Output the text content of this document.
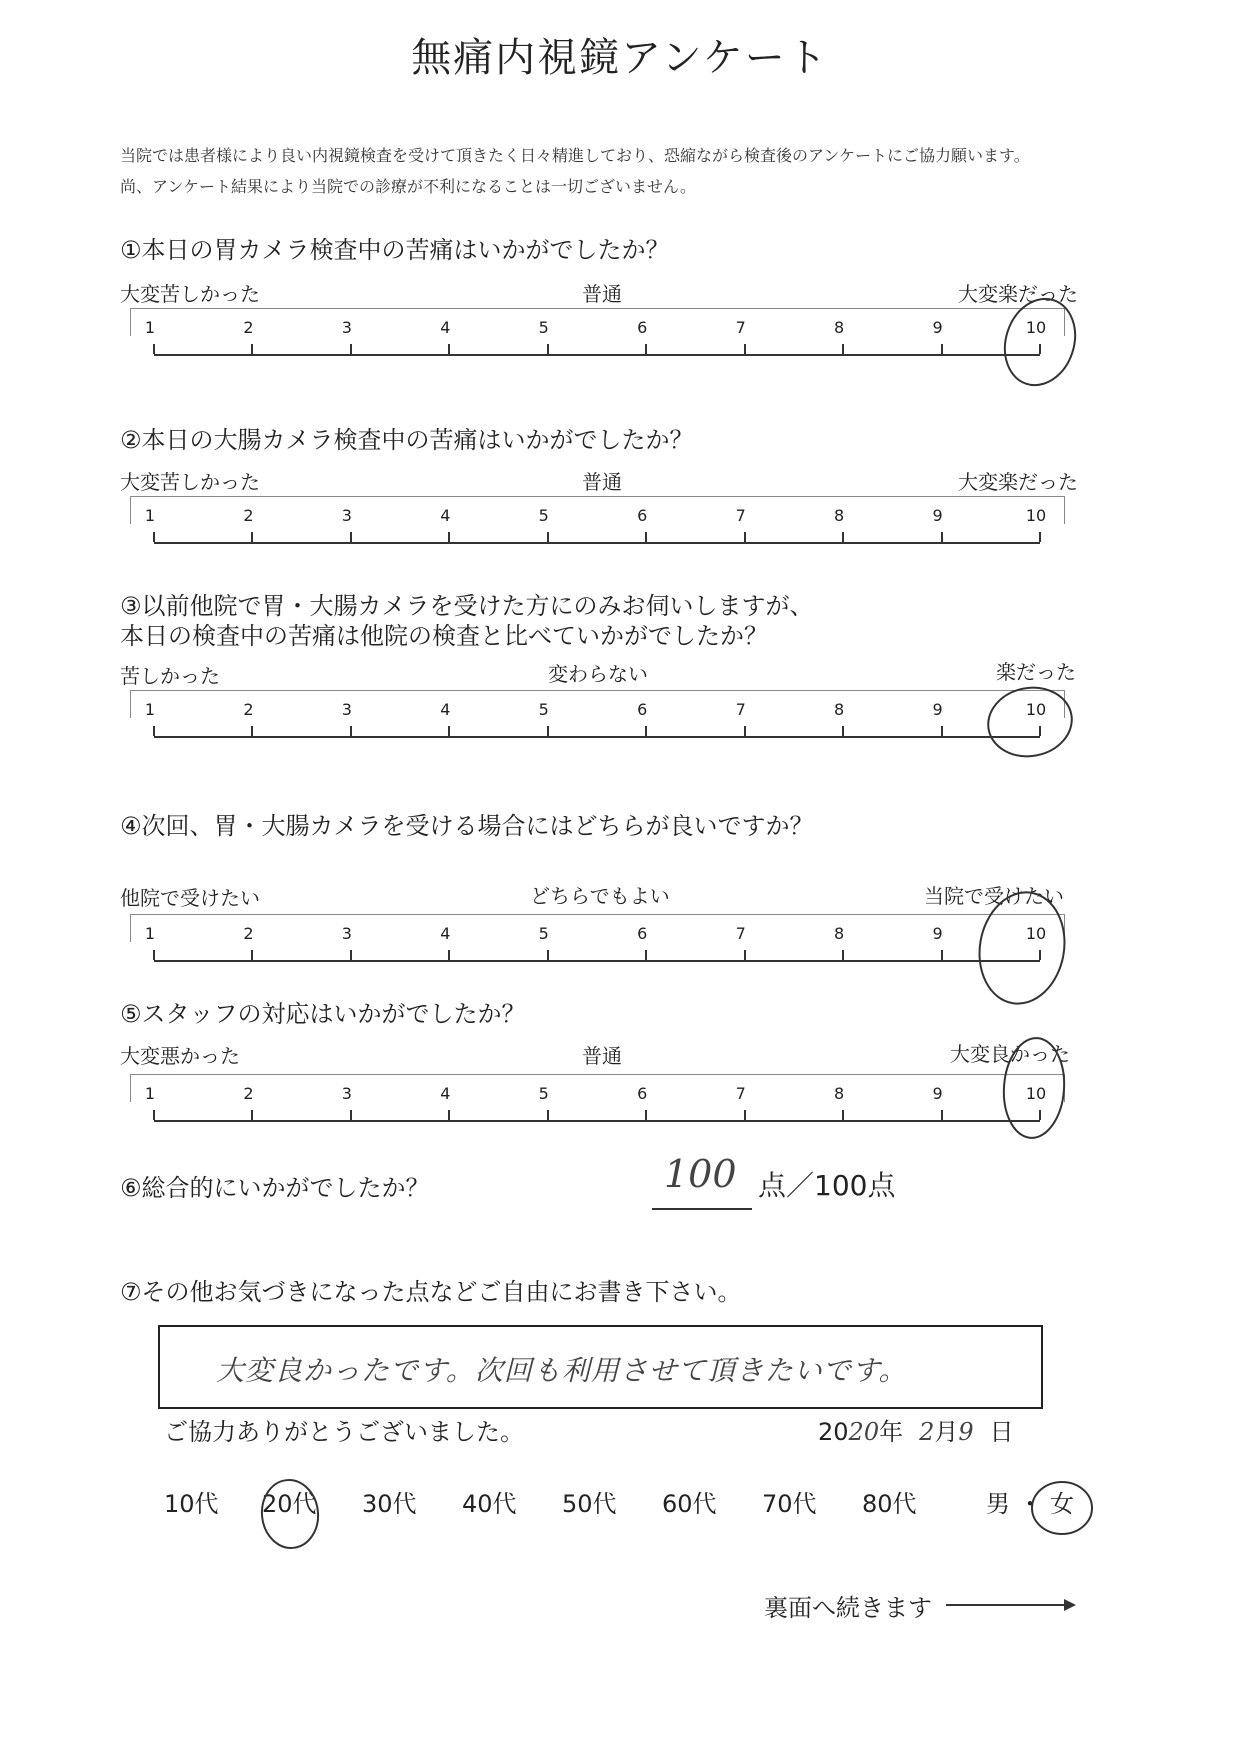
無痛内視鏡アンケート
当院では患者様により良い内視鏡検査を受けて頂きたく日々精進しており、恐縮ながら検査後のアンケートにご協力願います。
尚、アンケート結果により当院での診療が不利になることは一切ございません。
①本日の胃カメラ検査中の苦痛はいかがでしたか？
大変苦しかった	普通	大変楽だった
1	2	3	4	5	6	7	8	9	10
②本日の大腸カメラ検査中の苦痛はいかがでしたか？
大変苦しかった	普通	大変楽だった
1	2	3	4	5	6	7	8	9	10
③以前他院で胃・大腸カメラを受けた方にのみお伺いしますが、
本日の検査中の苦痛は他院の検査と比べていかがでしたか？
苦しかった	変わらない	楽だった
1	2	3	4	5	6	7	8	9	10
④次回、胃・大腸カメラを受ける場合にはどちらが良いですか？
他院で受けたい	どちらでもよい	当院で受けたい
1	2	3	4	5	6	7	8	9	10
⑤スタッフの対応はいかがでしたか？
大変悪かった	普通	大変良かった
1	2	3	4	5	6	7	8	9	10
⑥総合的にいかがでしたか？	100 点／100点
⑦その他お気づきになった点などご自由にお書き下さい。
大変良かったです。次回も利用させて頂きたいです。
ご協力ありがとうございました。	2020年 2月9 日
10代 20代 30代 40代 50代 60代 70代 80代	男 ・ 女
裏面へ続きます
